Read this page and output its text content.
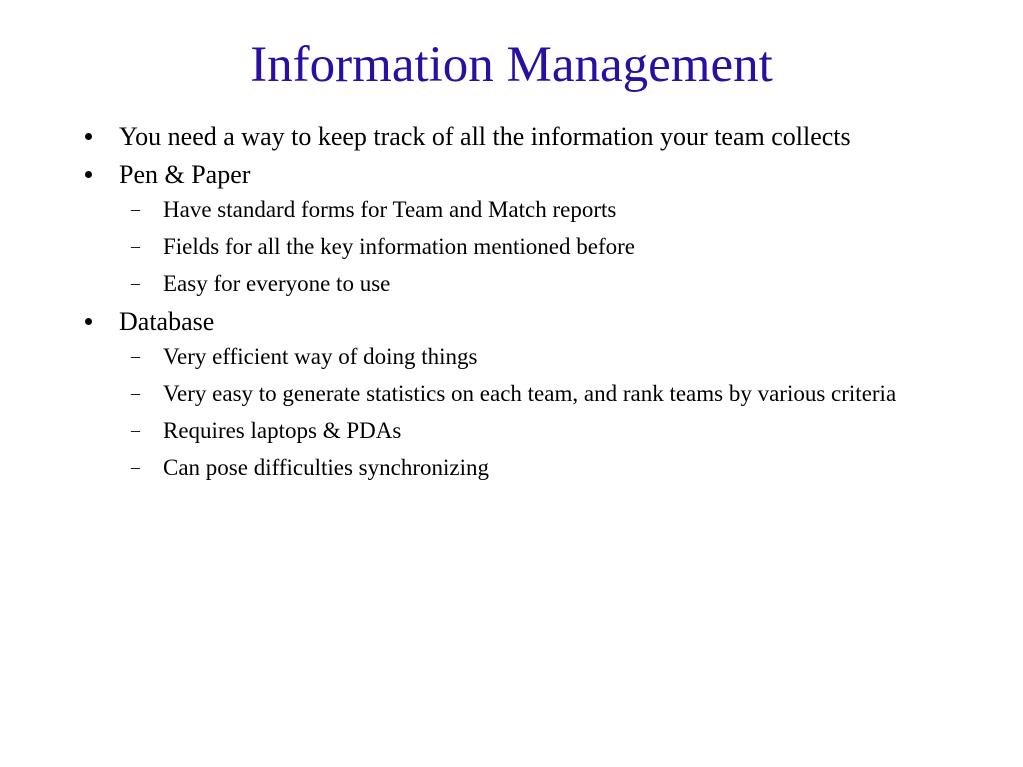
Information Management
You need a way to keep track of all the information your team collects
Pen & Paper
– Have standard forms for Team and Match reports
– Fields for all the key information mentioned before
– Easy for everyone to use
Database
– Very efficient way of doing things
– Very easy to generate statistics on each team, and rank teams by various criteria
– Requires laptops & PDAs
– Can pose difficulties synchronizing
